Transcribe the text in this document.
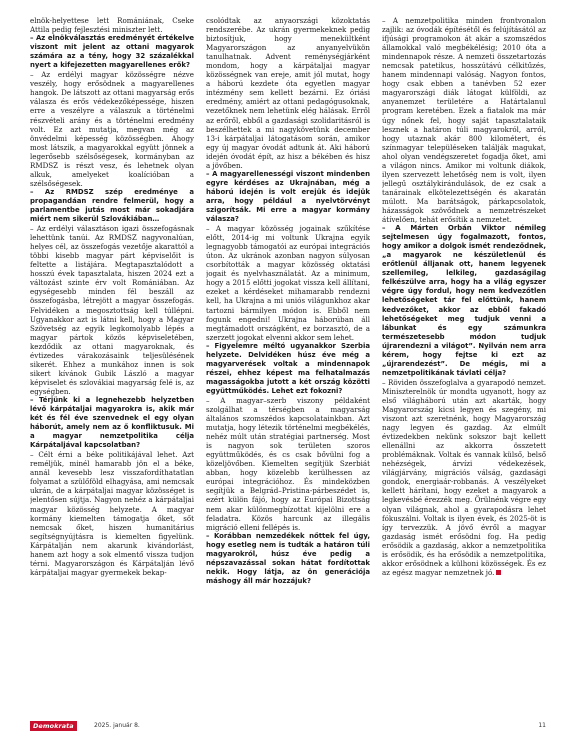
elnök-helyettese lett Romániának, Cseke Attila pedig fejlesztési miniszter lett.

– Az elnökválasztás eredményét értékelve viszont mit jelent az ottani magyarok számára az a tény, hogy 32 százalékkal nyert a kifejezetten magyarellenes erők?

– Az erdélyi magyar közösségre nézve veszély, hogy erősödnek a magyarellenes hangok. De látszott az ottani magyarság erős válasza és erős védekezőképessége, hiszen erre a veszélyre a válaszuk a történelmi részvételi arány és a történelmi eredmény volt. Ez azt mutatja, megvan még az önvédelmi képesség közösségben. Ahogy most látszik, a magyarokkal együtt jönnek a legerősebb szélsőségesek, kormányban az RMDSZ is részt vesz, és lehetnek olyan alkuk, amelyeket koalícióban a szélsőségesek.

– Az RMDSZ szép eredménye a propagandáan rendre felmerül, hogy a parlamentbe jutás most már sokadjára miért nem sikerül Szlovákiában…

– Az erdélyi választáson igazi összefogásnak lehettünk tanúi. Az RMDSZ nagyvonalúan, helyes cél, az összefogás vezetője akarattól a többi kisebb magyar párt képviselőit is feltette a listájára. Megtapasztalódott a hosszú évek tapasztalata, hiszen 2024 ezt a változást szinte érv volt Romániában. Az egységesebb minden fél beszáll az összefogásba, létrejött a magyar összefogás. Felvidéken a megosztottság kell túllépni. Ugyanakkor azt is látni kell, hogy a Magyar Szövetség az egyik legkomolyabb lépés a magyar pártok közös képviseletében, kezdődik az ottani magyaroknak, és évtizedes várakozásaink teljesülésének sikerét. Ehhez a munkához innen is sok sikert kívánok Gubik László a magyar képviselet és szlovákiai magyarság felé is, az egységben.

– Térjünk ki a legnehezebb helyzetben lévő kárpátaljai magyarokra is, akik már két és fél éve szenvednek el egy olyan háborút, amely nem az ő konfliktusuk. Mi a magyar nemzetpolitika célja Kárpátaljával kapcsolatban?

– Célt érni a béke politikájával lehet. Azt reméljük, minél hamarabb jön el a béke, annál kevesebb lesz visszafordíthatatlan folyamat a szülőföld elhagyása, ami nemcsak ukrán, de a kárpátaljai magyar közösséget is jelentősen sújtja. Nagyon nehéz a kárpátaljai magyar közösség helyzete. A magyar kormány kiemelten támogatja őket, sőt nemcsak őket, hiszen humanitárius segítségnyújtásra is kiemelten figyelünk. Kárpátalján nem akarunk kivándorlást, hanem azt hogy a sok elmentő vissza tudjon térni. Magyarországon és Kárpátalján lévő kárpátaljai magyar gyermekek bekap-

csolódtak az anyaországi közoktatás rendszerébe. Az ukrán gyermekeknek pedig biztosítjuk, hogy menekültként Magyarországon az anyanyelvükön tanulhatnak. Advent reménységjárként mondom, hogy a kárpátaljai magyar közösségnek van ereje, amit jól mutat, hogy a háború kezdete óta egyetlen magyar intézmény sem kellett bezárni. Ez óriási eredmény, amiért az ottani pedagógusoknak, vezetőknek nem lehetünk elég hálásak. Erről az erőről, ebből a gazdasági szolidaritásról is beszélhettek a mi nagykövetünk december 13-i kárpátaljai látogatásom során, amikor egy új magyar óvodát adtunk át. Aki háború idején óvodát épít, az hisz a békében és hisz a jövőben.

– A magyarellenességi viszont mindenben egyre kérdéses az Ukrajnában, még a háború idején is volt erejük és idejük arra, hogy például a nyelvtörvényt szigorítsák. Mi erre a magyar kormány válasza?

– A magyar közösség jogainak szűkítése előtt, 2014-ig mi voltunk Ukrajna egyik legnagyobb támogatói az európai integrációs úton. Az ukránok azonban nagyon súlyosan csorbították a magyar közösség oktatási jogait és nyelvhasználatát. Az a minimum, hogy a 2015 előtti jogokat vissza kell állítani, ezeket a kérdéseket mihamarabb rendezni kell, ha Ukrajna a mi uniós világunkhoz akar tartozni bármilyen módon is. Ebből nem fogunk engedni! Ukrajna háborúban áll megtámadott országként, ez borzasztó, de a szerzett jogokat elvenni akkor sem lehet.

– Figyelemre méltó ugyanakkor Szerbia helyzete. Delvidéken húsz éve még a magyarverések voltak a mindennapok részei, ehhez képest ma felhatalmazás magasságokba jutott a két ország közötti együttműködés. Lehet ezt fokozni?

– A magyar–szerb viszony példaként szolgálhat a térségben a magyarság általános szomszédos kapcsolatainkban. Azt mutatja, hogy létezik történelmi megbékélés, nehéz múlt után stratégiai partnerség. Most is nagyon sok területen szoros együttműködés, és cs csak bővülni fog a közeljövőben. Kiemelten segítjük Szerbiát abban, hogy közelebb kerülhessen az európai integrációhoz. És mindeközben segítjük a Belgrád–Pristina-párbeszédet is, ezért külön fájó, hogy az Európai Bizottság nem akar különmegbízottat kijelölni ere a feladatra. Közös harcunk az illegális migráció elleni fellépés is.

– Korábban nemzedékek nőttek fel úgy, hogy esetleg nem is tudták a határon túli magyarokról, húsz éve pedig a népszavazással sokan hátat fordítottak nekik. Hogy látja, az ön generációja máshogy áll már hozzájuk?

– A nemzetpolitika minden frontvonalon zajlik: az óvodák építésétől és felújításától az ifjúsági programokon át akár a szomszédos államokkal való megbékélésig; 2010 óta a mindennapok része. A nemzeti összetartozás nemcsak patetikus, hosszútávú célkitűzés, hanem mindennapi valóság. Nagyon fontos, hogy csak ebben a tanévben 52 ezer magyarországi diák látogat külföldi, az anyanemzet területére a Határtalanul program keretében. Ezek a fiatalok ma már úgy nőnek fel, hogy saját tapasztalataik lesznek a határon túli magyarokról, arról, hogy utaznak akár 800 kilométert, és színmagyar településeken találják magukat, ahol olyan vendégszeretet fogadja őket, ami a világon nincs. Amikor mi voltunk diákok, ilyen szervezett lehetőség nem is volt, ilyen jellegű osztálykirándulások, de ez csak a tanárainak elkötelezettségén és akaratán múlott. Ma barátságok, párkapcsolatok, házasságok szövődnek a nemzetrészeket átívelően, tehát erősítik a nemzetet.

– A Márten Orbán Viktor némileg sejtelmesen úgy fogalmazott, fontos, hogy amikor a dolgok ismét rendeződnek, „a magyarok ne készületlenül és erőtlenül álljanak ott, hanem legyenek szellemileg, lelkileg, gazdaságilag felkészülve arra, hogy ha a világ egyszer végre úgy fordul, hogy nem kedvezőtlen lehetőségeket tár fel előttünk, hanem kedvezőket, akkor az ebből fakadó lehetőségeket meg tudjuk venni a lábunkat és egy számunkra természetesebb módon tudjuk újrarendezni a világot”. Nyilván nem arra kérem, hogy fejtse ki ezt az „újrarendezést”. De mégis, mi a nemzetpolitikának távlati célja?

– Röviden összefoglalva a gyarapodó nemzet. Miniszterelnök úr mondta ugyanott, hogy az első világháború után azt akarták, hogy Magyarország kicsi legyen és szegény, mi viszont azt szeretnénk, hogy Magyarország nagy legyen és gazdag. Az elmúlt évtizedekben nekünk sokszor bajt kellett ellenállni az akkorra összetett problémáknak. Voltak és vannak külső, belső nehézségek, árvízi védekezések, világjárvány, migrációs válság, gazdasági gondok, energiaár-robbanás. A veszélyeket kellett hárítani, hogy ezeket a magyarok a legkevésbé érezzék meg. Örülnénk végre egy olyan világnak, ahol a gyarapodásra lehet fókuszálni. Voltak is ilyen évek, és 2025-öt is így tervezzük. A jövő évről a magyar gazdaság ismét erősödni fog. Ha pedig erősödik a gazdaság, akkor a nemzetpolitika is erősödik, és ha erősödik a nemzetpolitika, akkor erősödnek a külhoni közösségek. És ez az egész magyar nemzetnek jó.

Demokrata	2025. január 8.	11
